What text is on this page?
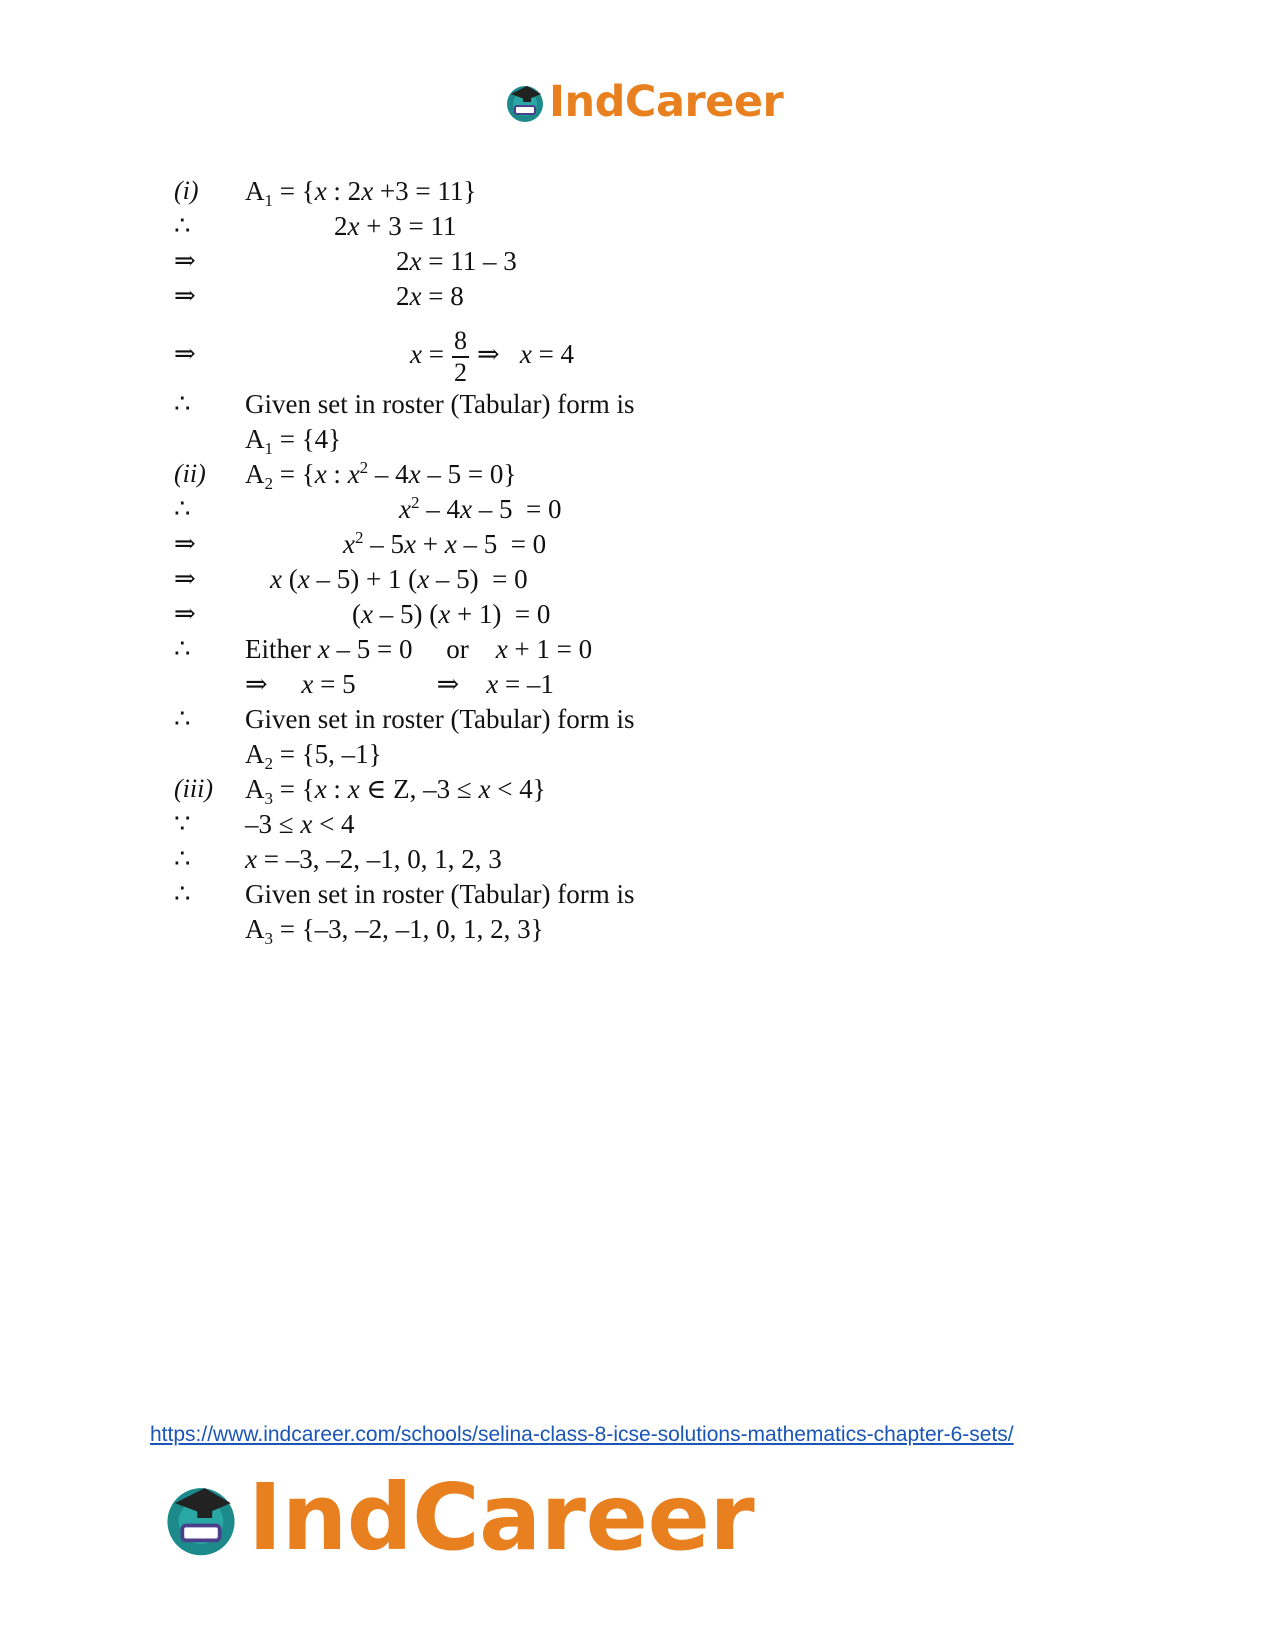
IndCareer
(i) $A_1 = \{x$ : 2x +3 = 11}
∴	2x + 3 = 11
⇒	2x = 11 – 3
⇒	2x = 8
⇒	$x = \frac{8}{2}$ ⇒   x = 4
∴ Given set in roster (Tabular) form is
$A_1 = \{4\}$
(ii) $A_2 = \{x$ : $x^2 - 4x - 5 = 0$}
∴	$x^2 - 4x - 5 = 0$
⇒	$x^2 - 5x + x - 5 = 0$
⇒	x (x – 5) + 1 (x – 5)  = 0
⇒	(x – 5) (x + 1)  = 0
∴ Either x – 5 = 0     or    x + 1 = 0
⇒     x = 5            ⇒    x = –1
∴ Given set in roster (Tabular) form is
$A_2 = \{5$, –1}
(iii) $A_3 = \{x$ : x ∈ Z, –3 ≤ x < 4}
∵ –3 ≤ x < 4
∴ x = –3, –2, –1, 0, 1, 2, 3
∴ Given set in roster (Tabular) form is
$A_3 = \{-3$, –2, –1, 0, 1, 2, 3}
https://www.indcareer.com/schools/selina-class-8-icse-solutions-mathematics-chapter-6-sets/
IndCareer
